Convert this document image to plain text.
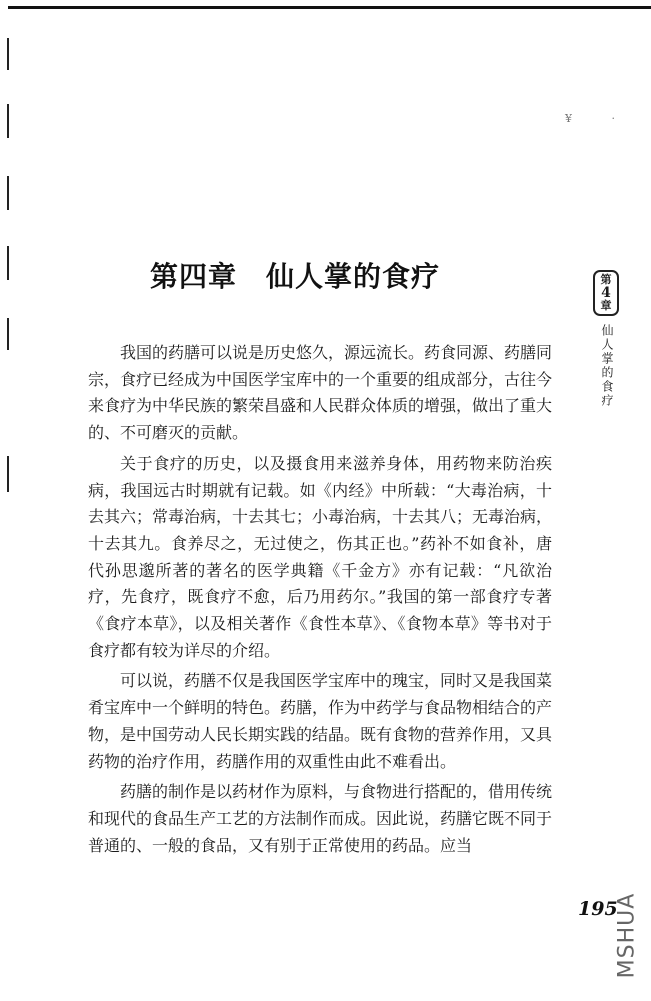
¥ ·
第四章　仙人掌的食疗	第
4
章
仙人掌的食疗

我国的药膳可以说是历史悠久，源远流长。药食同源、药膳同宗，食疗已经成为中国医学宝库中的一个重要的组成部分，古往今来食疗为中华民族的繁荣昌盛和人民群众体质的增强，做出了重大的、不可磨灭的贡献。

关于食疗的历史，以及摄食用来滋养身体，用药物来防治疾病，我国远古时期就有记载。如《内经》中所载：“大毒治病，十去其六；常毒治病，十去其七；小毒治病，十去其八；无毒治病，十去其九。食养尽之，无过使之，伤其正也。”药补不如食补，唐代孙思邈所著的著名的医学典籍《千金方》亦有记载：“凡欲治疗，先食疗，既食疗不愈，后乃用药尔。”我国的第一部食疗专著《食疗本草》，以及相关著作《食性本草》、《食物本草》等书对于食疗都有较为详尽的介绍。

可以说，药膳不仅是我国医学宝库中的瑰宝，同时又是我国菜肴宝库中一个鲜明的特色。药膳，作为中药学与食品物相结合的产物，是中国劳动人民长期实践的结晶。既有食物的营养作用，又具药物的治疗作用，药膳作用的双重性由此不难看出。

药膳的制作是以药材作为原料，与食物进行搭配的，借用传统和现代的食品生产工艺的方法制作而成。因此说，药膳它既不同于普通的、一般的食品，又有别于正常使用的药品。应当

195
MSHUA
